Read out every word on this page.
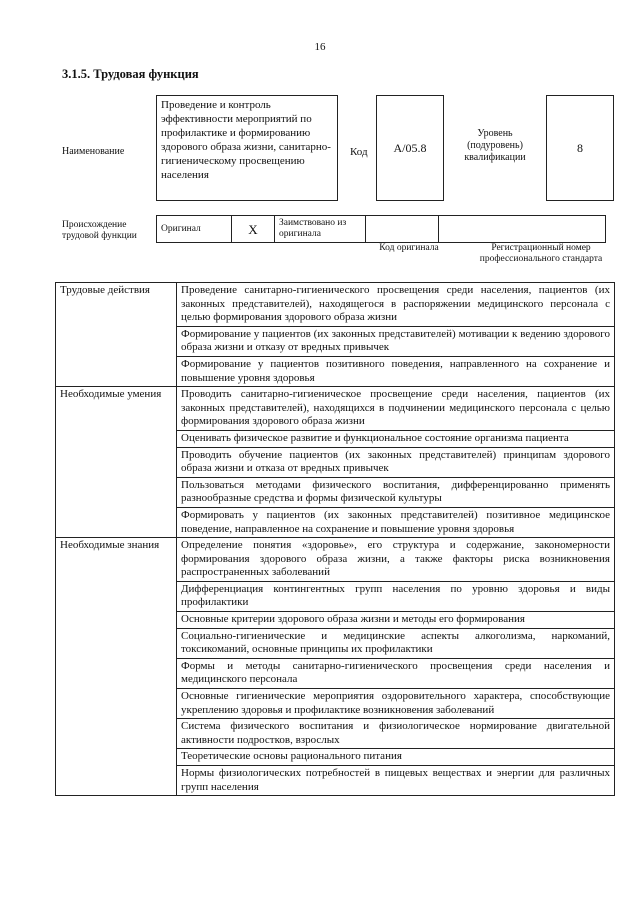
16
3.1.5. Трудовая функция
Наименование
Проведение и контроль эффективности мероприятий по профилактике и формированию здорового образа жизни, санитарно-гигиеническому просвещению населения
Код	А/05.8
Уровень (подуровень) квалификации
8
Происхождение трудовой функции
Оригинал	X	Заимствовано из оригинала		
Код оригинала	Регистрационный номер профессионального стандарта
Трудовые действия	Проведение санитарно-гигиенического просвещения среди населения, пациентов (их законных представителей), находящегося в распоряжении медицинского персонала с целью формирования здорового образа жизни
	Формирование у пациентов (их законных представителей) мотивации к ведению здорового образа жизни и отказу от вредных привычек
	Формирование у пациентов позитивного поведения, направленного на сохранение и повышение уровня здоровья
Необходимые умения	Проводить санитарно-гигиеническое просвещение среди населения, пациентов (их законных представителей), находящихся в подчинении медицинского персонала с целью формирования здорового образа жизни
	Оценивать физическое развитие и функциональное состояние организма пациента
	Проводить обучение пациентов (их законных представителей) принципам здорового образа жизни и отказа от вредных привычек
	Пользоваться методами физического воспитания, дифференцированно применять разнообразные средства и формы физической культуры
	Формировать у пациентов (их законных представителей) позитивное медицинское поведение, направленное на сохранение и повышение уровня здоровья
Необходимые знания	Определение понятия «здоровье», его структура и содержание, закономерности формирования здорового образа жизни, а также факторы риска возникновения распространенных заболеваний
	Дифференциация контингентных групп населения по уровню здоровья и виды профилактики
	Основные критерии здорового образа жизни и методы его формирования
	Социально-гигиенические и медицинские аспекты алкоголизма, наркоманий, токсикоманий, основные принципы их профилактики
	Формы и методы санитарно-гигиенического просвещения среди населения и медицинского персонала
	Основные гигиенические мероприятия оздоровительного характера, способствующие укреплению здоровья и профилактике возникновения заболеваний
	Система физического воспитания и физиологическое нормирование двигательной активности подростков, взрослых
	Теоретические основы рационального питания
	Нормы физиологических потребностей в пищевых веществах и энергии для различных групп населения
